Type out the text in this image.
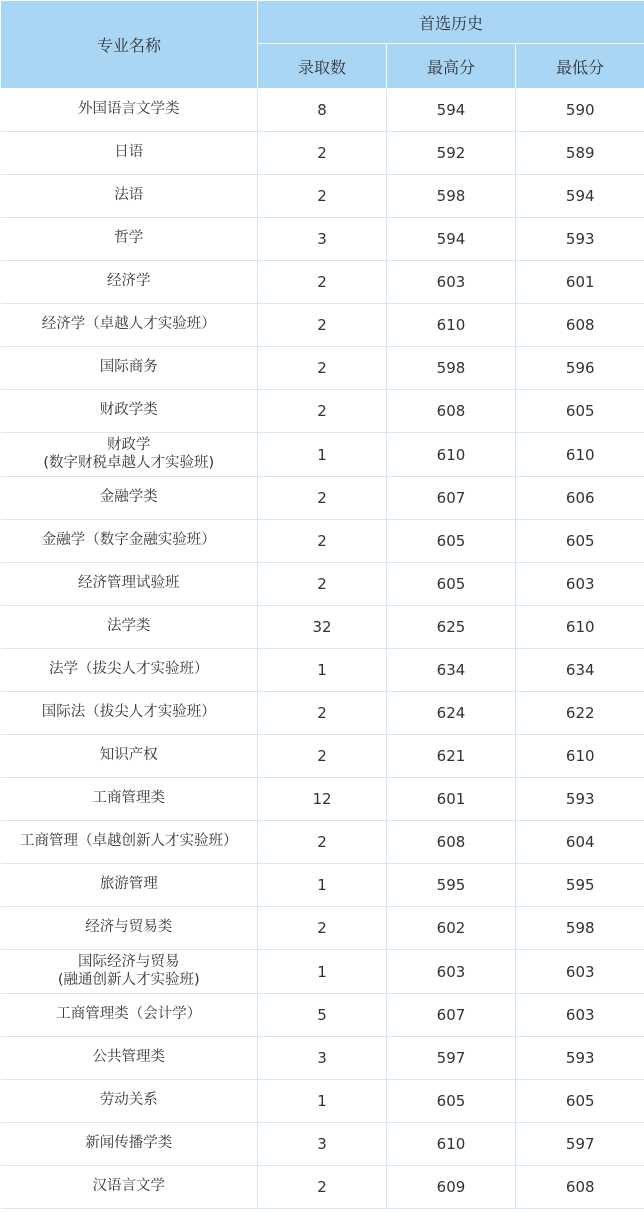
专业名称	首选历史		
	录取数	最高分	最低分

外国语言文学类	8	594	590

日语	2	592	589

法语	2	598	594

哲学	3	594	593

经济学	2	603	601

经济学（卓越人才实验班）	2	610	608

国际商务	2	598	596

财政学类	2	608	605

财政学
(数字财税卓越人才实验班)	1	610	610

金融学类	2	607	606

金融学（数字金融实验班）	2	605	605

经济管理试验班	2	605	603

法学类	32	625	610

法学（拔尖人才实验班）	1	634	634

国际法（拔尖人才实验班）	2	624	622

知识产权	2	621	610

工商管理类	12	601	593

工商管理（卓越创新人才实验班）	2	608	604

旅游管理	1	595	595

经济与贸易类	2	602	598

国际经济与贸易
(融通创新人才实验班)	1	603	603

工商管理类（会计学）	5	607	603

公共管理类	3	597	593

劳动关系	1	605	605

新闻传播学类	3	610	597

汉语言文学	2	609	608
